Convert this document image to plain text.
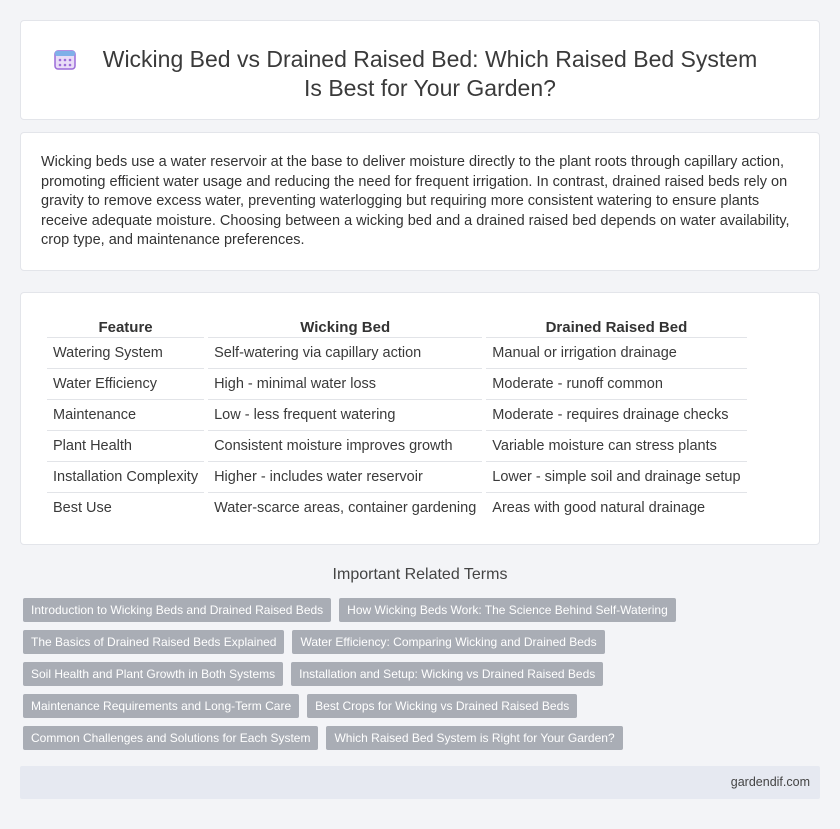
Wicking Bed vs Drained Raised Bed: Which Raised Bed System Is Best for Your Garden?

Wicking beds use a water reservoir at the base to deliver moisture directly to the plant roots through capillary action, promoting efficient water usage and reducing the need for frequent irrigation. In contrast, drained raised beds rely on gravity to remove excess water, preventing waterlogging but requiring more consistent watering to ensure plants receive adequate moisture. Choosing between a wicking bed and a drained raised bed depends on water availability, crop type, and maintenance preferences.

Feature	Wicking Bed	Drained Raised Bed
Watering System	Self-watering via capillary action	Manual or irrigation drainage
Water Efficiency	High - minimal water loss	Moderate - runoff common
Maintenance	Low - less frequent watering	Moderate - requires drainage checks
Plant Health	Consistent moisture improves growth	Variable moisture can stress plants
Installation Complexity	Higher - includes water reservoir	Lower - simple soil and drainage setup
Best Use	Water-scarce areas, container gardening	Areas with good natural drainage
Important Related Terms
Introduction to Wicking Beds and Drained Raised Beds	How Wicking Beds Work: The Science Behind Self-Watering
The Basics of Drained Raised Beds Explained	Water Efficiency: Comparing Wicking and Drained Beds
Soil Health and Plant Growth in Both Systems	Installation and Setup: Wicking vs Drained Raised Beds
Maintenance Requirements and Long-Term Care	Best Crops for Wicking vs Drained Raised Beds
Common Challenges and Solutions for Each System	Which Raised Bed System is Right for Your Garden?
gardendif.com
